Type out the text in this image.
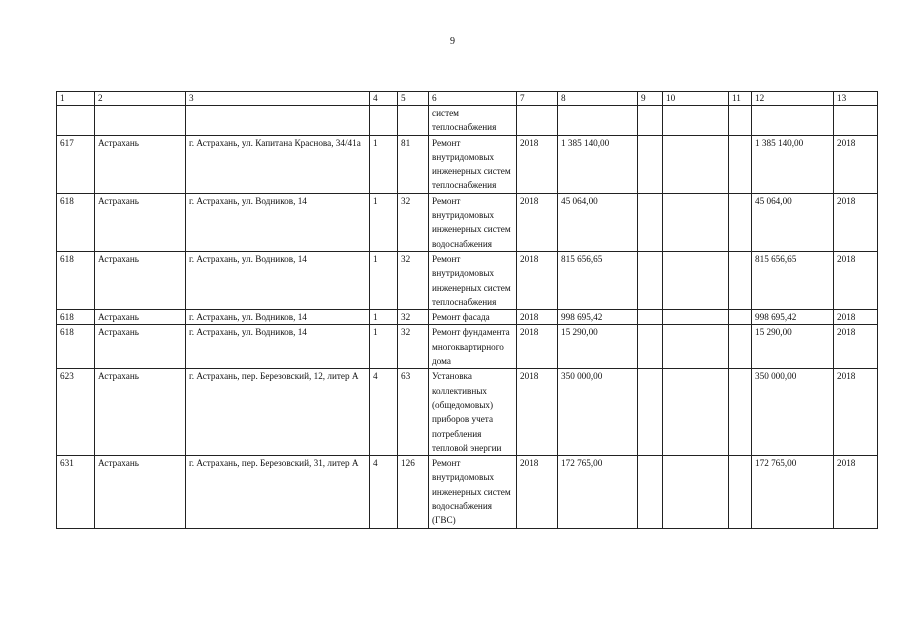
9
1	2	3	4	5	6	7	8	9	10	11	12	13
					систем теплоснабжения							
617	Астрахань	г. Астрахань, ул. Капитана Краснова, 34/41а	1	81	Ремонт внутридомовых инженерных систем теплоснабжения	2018	1 385 140,00				1 385 140,00	2018
618	Астрахань	г. Астрахань, ул. Водников, 14	1	32	Ремонт внутридомовых инженерных систем водоснабжения	2018	45 064,00				45 064,00	2018
618	Астрахань	г. Астрахань, ул. Водников, 14	1	32	Ремонт внутридомовых инженерных систем теплоснабжения	2018	815 656,65				815 656,65	2018
618	Астрахань	г. Астрахань, ул. Водников, 14	1	32	Ремонт фасада	2018	998 695,42				998 695,42	2018
618	Астрахань	г. Астрахань, ул. Водников, 14	1	32	Ремонт фундамента многоквартирного дома	2018	15 290,00				15 290,00	2018
623	Астрахань	г. Астрахань, пер. Березовский, 12, литер А	4	63	Установка коллективных (общедомовых) приборов учета потребления тепловой энергии	2018	350 000,00				350 000,00	2018
631	Астрахань	г. Астрахань, пер. Березовский, 31, литер А	4	126	Ремонт внутридомовых инженерных систем водоснабжения (ГВС)	2018	172 765,00				172 765,00	2018
